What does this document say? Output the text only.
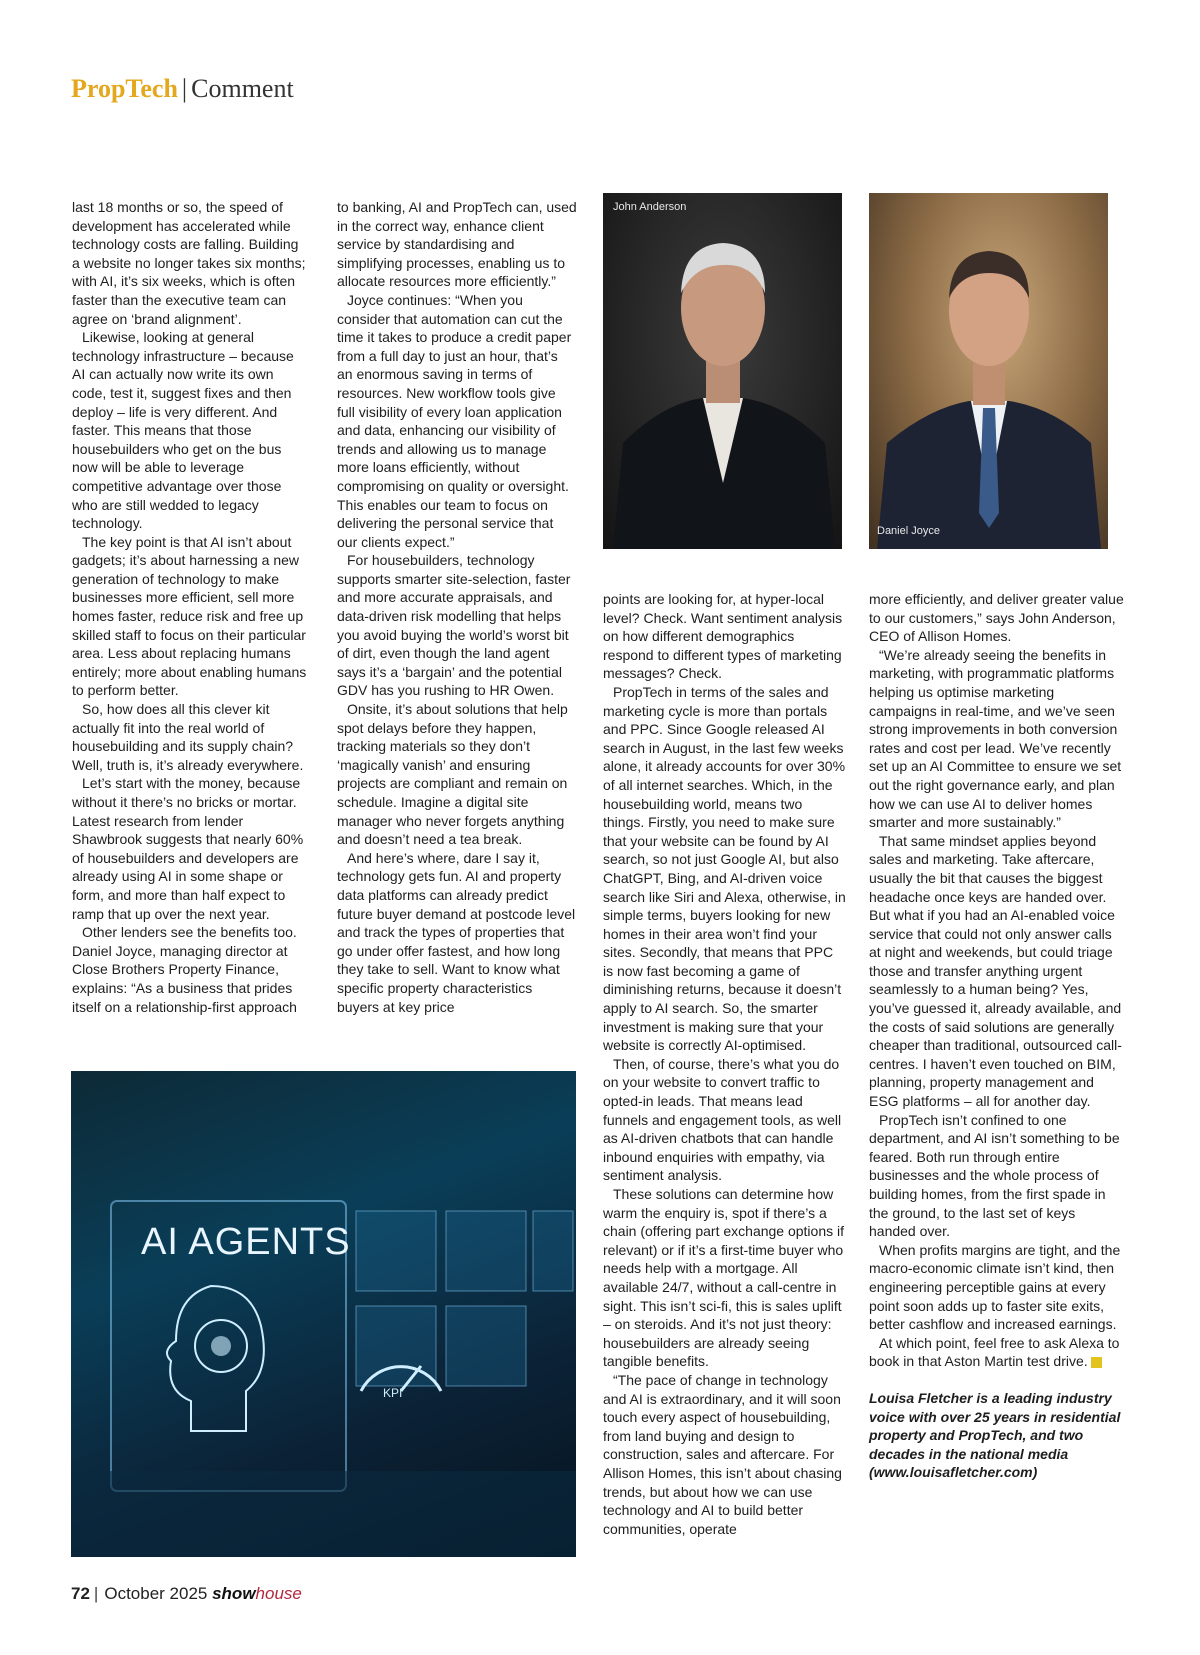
PropTech | Comment

last 18 months or so, the speed of development has accelerated while technology costs are falling. Building a website no longer takes six months; with AI, it’s six weeks, which is often faster than the executive team can agree on ‘brand alignment’.

Likewise, looking at general technology infrastructure – because AI can actually now write its own code, test it, suggest fixes and then deploy – life is very different. And faster. This means that those housebuilders who get on the bus now will be able to leverage competitive advantage over those who are still wedded to legacy technology.

The key point is that AI isn’t about gadgets; it’s about harnessing a new generation of technology to make businesses more efficient, sell more homes faster, reduce risk and free up skilled staff to focus on their particular area. Less about replacing humans entirely; more about enabling humans to perform better.

So, how does all this clever kit actually fit into the real world of housebuilding and its supply chain? Well, truth is, it’s already everywhere.

Let’s start with the money, because without it there’s no bricks or mortar. Latest research from lender Shawbrook suggests that nearly 60% of housebuilders and developers are already using AI in some shape or form, and more than half expect to ramp that up over the next year.

Other lenders see the benefits too. Daniel Joyce, managing director at Close Brothers Property Finance, explains: “As a business that prides itself on a relationship-first approach

to banking, AI and PropTech can, used in the correct way, enhance client service by standardising and simplifying processes, enabling us to allocate resources more efficiently.”

Joyce continues: “When you consider that automation can cut the time it takes to produce a credit paper from a full day to just an hour, that’s an enormous saving in terms of resources. New workflow tools give full visibility of every loan application and data, enhancing our visibility of trends and allowing us to manage more loans efficiently, without compromising on quality or oversight. This enables our team to focus on delivering the personal service that our clients expect.”

For housebuilders, technology supports smarter site-selection, faster and more accurate appraisals, and data-driven risk modelling that helps you avoid buying the world’s worst bit of dirt, even though the land agent says it’s a ‘bargain’ and the potential GDV has you rushing to HR Owen.

Onsite, it’s about solutions that help spot delays before they happen, tracking materials so they don’t ‘magically vanish’ and ensuring projects are compliant and remain on schedule. Imagine a digital site manager who never forgets anything and doesn’t need a tea break.

And here’s where, dare I say it, technology gets fun. AI and property data platforms can already predict future buyer demand at postcode level and track the types of properties that go under offer fastest, and how long they take to sell. Want to know what specific property characteristics buyers at key price

John Anderson
Daniel Joyce

points are looking for, at hyper-local level? Check. Want sentiment analysis on how different demographics respond to different types of marketing messages? Check.

PropTech in terms of the sales and marketing cycle is more than portals and PPC. Since Google released AI search in August, in the last few weeks alone, it already accounts for over 30% of all internet searches. Which, in the housebuilding world, means two things. Firstly, you need to make sure that your website can be found by AI search, so not just Google AI, but also ChatGPT, Bing, and AI-driven voice search like Siri and Alexa, otherwise, in simple terms, buyers looking for new homes in their area won’t find your sites. Secondly, that means that PPC is now fast becoming a game of diminishing returns, because it doesn’t apply to AI search. So, the smarter investment is making sure that your website is correctly AI-optimised.

Then, of course, there’s what you do on your website to convert traffic to opted-in leads. That means lead funnels and engagement tools, as well as AI-driven chatbots that can handle inbound enquiries with empathy, via sentiment analysis.

These solutions can determine how warm the enquiry is, spot if there’s a chain (offering part exchange options if relevant) or if it’s a first-time buyer who needs help with a mortgage. All available 24/7, without a call-centre in sight. This isn’t sci-fi, this is sales uplift – on steroids. And it’s not just theory: housebuilders are already seeing tangible benefits.

“The pace of change in technology and AI is extraordinary, and it will soon touch every aspect of housebuilding, from land buying and design to construction, sales and aftercare. For Allison Homes, this isn’t about chasing trends, but about how we can use technology and AI to build better communities, operate

more efficiently, and deliver greater value to our customers,” says John Anderson, CEO of Allison Homes.

“We’re already seeing the benefits in marketing, with programmatic platforms helping us optimise marketing campaigns in real-time, and we’ve seen strong improvements in both conversion rates and cost per lead. We’ve recently set up an AI Committee to ensure we set out the right governance early, and plan how we can use AI to deliver homes smarter and more sustainably.”

That same mindset applies beyond sales and marketing. Take aftercare, usually the bit that causes the biggest headache once keys are handed over. But what if you had an AI-enabled voice service that could not only answer calls at night and weekends, but could triage those and transfer anything urgent seamlessly to a human being? Yes, you’ve guessed it, already available, and the costs of said solutions are generally cheaper than traditional, outsourced call-centres. I haven’t even touched on BIM, planning, property management and ESG platforms – all for another day.

PropTech isn’t confined to one department, and AI isn’t something to be feared. Both run through entire businesses and the whole process of building homes, from the first spade in the ground, to the last set of keys handed over.

When profits margins are tight, and the macro-economic climate isn’t kind, then engineering perceptible gains at every point soon adds up to faster site exits, better cashflow and increased earnings.

At which point, feel free to ask Alexa to book in that Aston Martin test drive.

Louisa Fletcher is a leading industry voice with over 25 years in residential property and PropTech, and two decades in the national media (www.louisafletcher.com)

AI AGENTS
KPI
72 | October 2025 showhouse
